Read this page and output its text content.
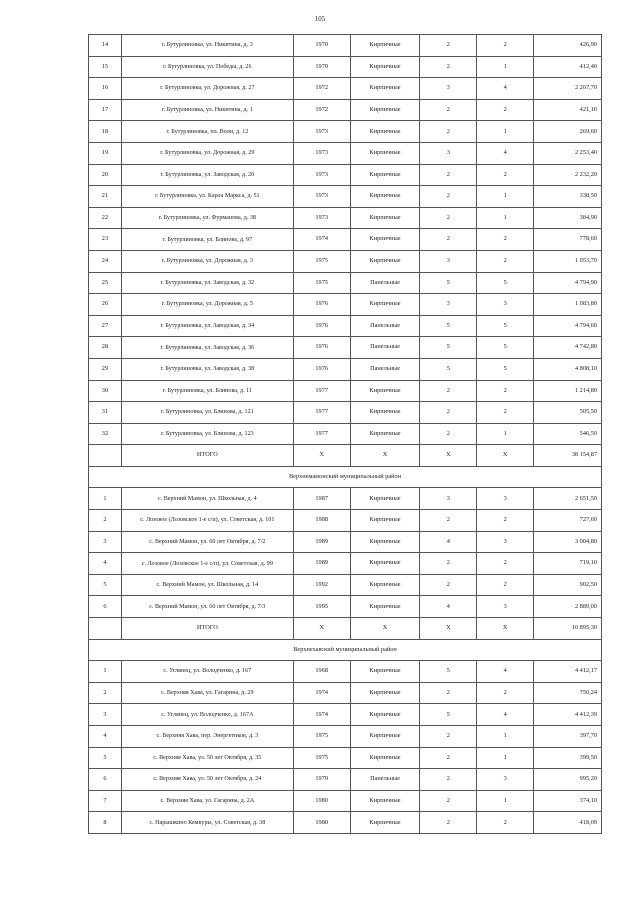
105
14	г. Бутурлиновка, ул. Никитина, д. 3	1970	Кирпичные	2	2	426,90
15	г. Бутурлиновка, ул. Победы, д. 26	1970	Кирпичные	2	1	412,40
16	г. Бутурлиновка, ул. Дорожная, д. 27	1972	Кирпичные	3	4	2 267,70
17	г. Бутурлиновка, ул. Никитина, д. 1	1972	Кирпичные	2	2	421,10
18	г. Бутурлиновка, пл. Воли, д. 12	1973	Кирпичные	2	1	269,60
19	г. Бутурлиновка, ул. Дорожная, д. 29	1973	Кирпичные	3	4	2 253,40
20	г. Бутурлиновка, ул. Заводская, д. 20	1973	Кирпичные	2	2	2 232,20
21	г. Бутурлиновка, ул. Карла Маркса, д. 51	1973	Кирпичные	2	1	338,50
22	г. Бутурлиновка, ул. Фурманова, д. 38	1973	Кирпичные	2	1	384,90
23	г. Бутурлиновка, ул. Блинова, д. 97	1974	Кирпичные	2	2	778,60
24	г. Бутурлиновка, ул. Дорожная, д. 3	1975	Кирпичные	3	2	1 053,70
25	г. Бутурлиновка, ул. Заводская, д. 32	1975	Панельные	5	5	4 794,90
26	г. Бутурлиновка, ул. Дорожная, д. 5	1976	Кирпичные	3	3	1 083,80
27	г. Бутурлиновка, ул. Заводская, д. 34	1976	Панельные	5	5	4 794,60
28	г. Бутурлиновка, ул. Заводская, д. 36	1976	Панельные	5	5	4 742,80
29	г. Бутурлиновка, ул. Заводская, д. 38	1976	Панельные	5	5	4 808,10
30	г. Бутурлиновка, ул. Блинова, д. 11	1977	Кирпичные	2	2	1 214,80
31	г. Бутурлиновка, ул. Блинова, д. 121	1977	Кирпичные	2	2	505,50
32	г. Бутурлиновка, ул. Блинова, д. 123	1977	Кирпичные	2	1	546,50
	ИТОГО	Х	Х	Х	Х	38 154,87
Верхнемамонский муниципальный район						
1	с. Верхний Мамон, ул. Школьная, д. 4	1987	Кирпичные	3	3	2 651,50
2	с. Лозовое (Лозовское 1-е с/п), ул. Советская, д. 101	1988	Кирпичные	2	2	727,60
3	с. Верхний Мамон, ул. 60 лет Октября, д. 7/2	1989	Кирпичные	4	3	3 004,80
4	с. Лозовое (Лозовское 1-е с/п), ул. Советская, д. 99	1989	Кирпичные	2	2	719,10
5	с. Верхний Мамон, ул. Школьная, д. 14	1992	Кирпичные	2	2	902,50
6	с. Верхний Мамон, ул. 60 лет Октября, д. 7/3	1995	Кирпичные	4	3	2 889,00
	ИТОГО	Х	Х	Х	Х	10 895,30
Верхнехавский муниципальный район						
1	с. Углянец, ул. Володченко, д. 167	1968	Кирпичные	5	4	4 412,17
2	с. Верхняя Хава, ул. Гагарина, д. 29	1974	Кирпичные	2	2	750,24
3	с. Углянец, ул. Володченко, д. 167А	1974	Кирпичные	5	4	4 412,39
4	с. Верхняя Хава, пер. Энергетиков, д. 3	1975	Кирпичные	2	1	397,70
5	с. Верхняя Хава, ул. 50 лет Октября, д. 35	1975	Кирпичные	2	1	399,50
6	с. Верхняя Хава, ул. 50 лет Октября, д. 24	1979	Панельные	2	3	995,20
7	с. Верхняя Хава, ул. Гагарина, д. 2А	1980	Кирпичные	2	1	374,10
8	с. Нарышкино Кемкуры, ул. Советская, д. 38	1980	Кирпичные	2	2	418,09
